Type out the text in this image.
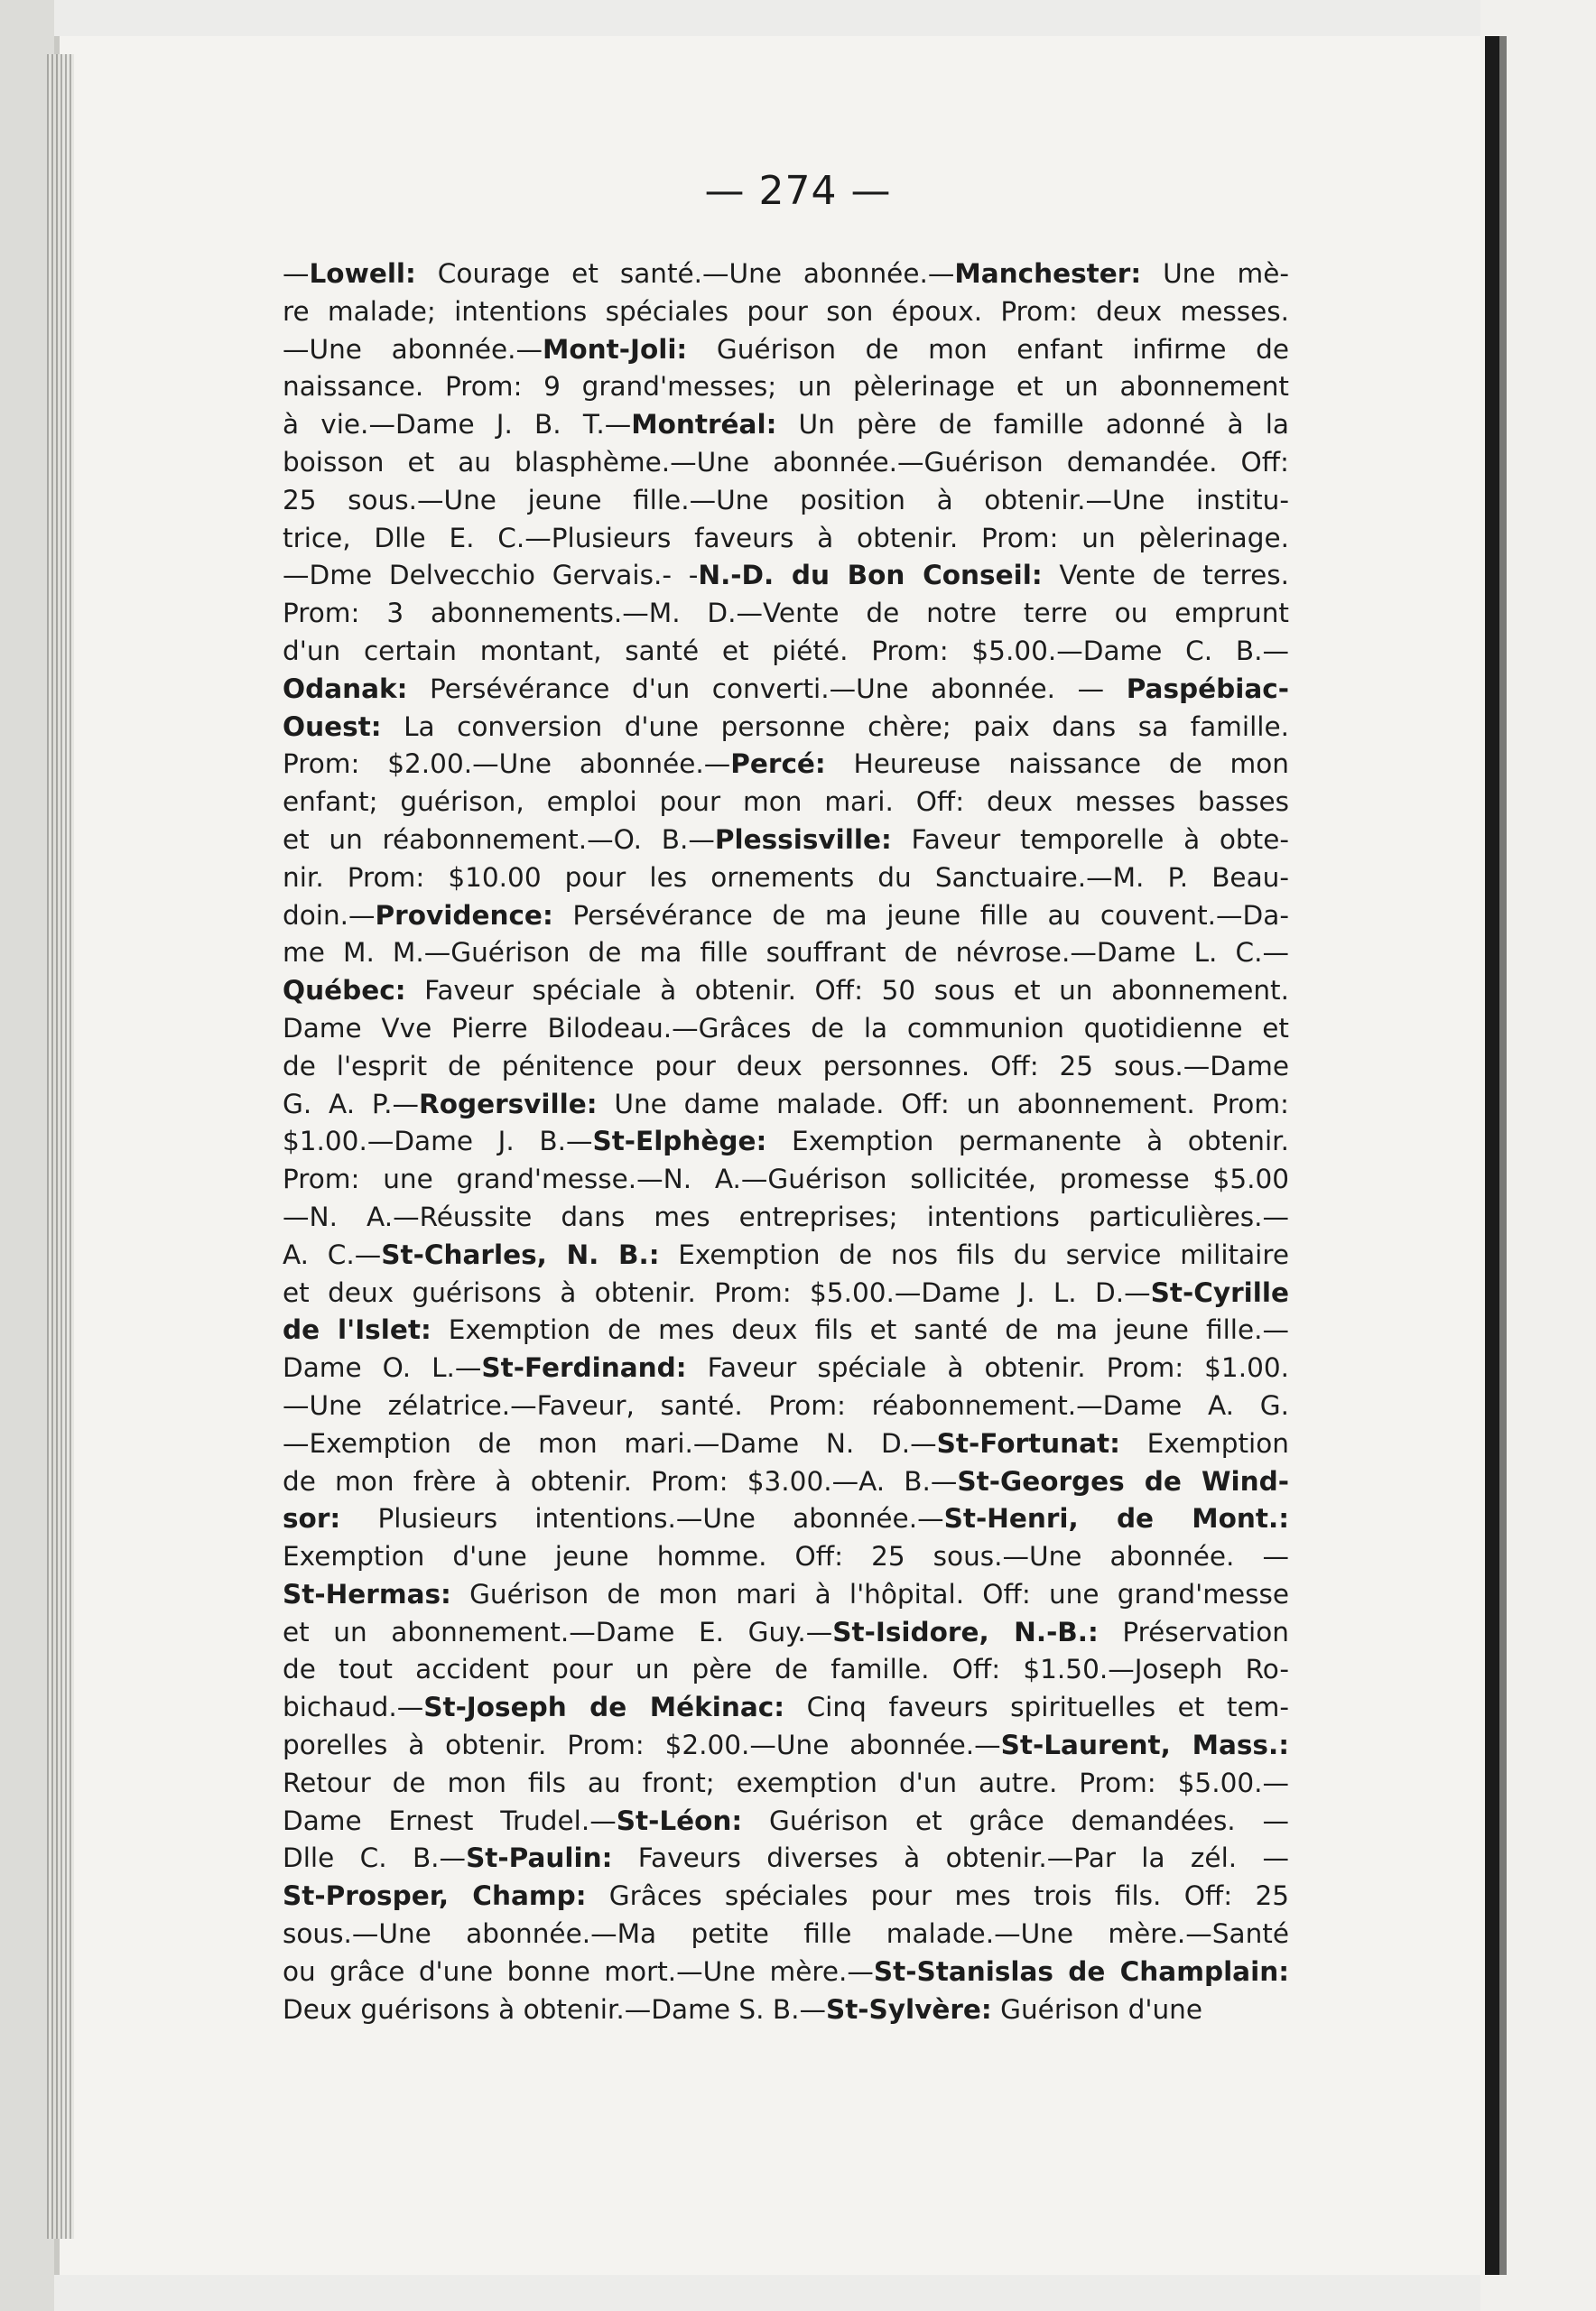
— 274 —
—Lowell: Courage et santé.—Une abonnée.—Manchester: Une mè-
re malade; intentions spéciales pour son époux. Prom: deux messes.
—Une abonnée.—Mont-Joli: Guérison de mon enfant infirme de
naissance. Prom: 9 grand'messes; un pèlerinage et un abonnement
à vie.—Dame J. B. T.—Montréal: Un père de famille adonné à la
boisson et au blasphème.—Une abonnée.—Guérison demandée. Off:
25 sous.—Une jeune fille.—Une position à obtenir.—Une institu-
trice, Dlle E. C.—Plusieurs faveurs à obtenir. Prom: un pèlerinage.
—Dme Delvecchio Gervais.- -N.-D. du Bon Conseil: Vente de terres.
Prom: 3 abonnements.—M. D.—Vente de notre terre ou emprunt
d'un certain montant, santé et piété. Prom: $5.00.—Dame C. B.—
Odanak: Persévérance d'un converti.—Une abonnée. — Paspébiac-
Ouest: La conversion d'une personne chère; paix dans sa famille.
Prom: $2.00.—Une abonnée.—Percé: Heureuse naissance de mon
enfant; guérison, emploi pour mon mari. Off: deux messes basses
et un réabonnement.—O. B.—Plessisville: Faveur temporelle à obte-
nir. Prom: $10.00 pour les ornements du Sanctuaire.—M. P. Beau-
doin.—Providence: Persévérance de ma jeune fille au couvent.—Da-
me M. M.—Guérison de ma fille souffrant de névrose.—Dame L. C.—
Québec: Faveur spéciale à obtenir. Off: 50 sous et un abonnement.
Dame Vve Pierre Bilodeau.—Grâces de la communion quotidienne et
de l'esprit de pénitence pour deux personnes. Off: 25 sous.—Dame
G. A. P.—Rogersville: Une dame malade. Off: un abonnement. Prom:
$1.00.—Dame J. B.—St-Elphège: Exemption permanente à obtenir.
Prom: une grand'messe.—N. A.—Guérison sollicitée, promesse $5.00
—N. A.—Réussite dans mes entreprises; intentions particulières.—
A. C.—St-Charles, N. B.: Exemption de nos fils du service militaire
et deux guérisons à obtenir. Prom: $5.00.—Dame J. L. D.—St-Cyrille
de l'Islet: Exemption de mes deux fils et santé de ma jeune fille.—
Dame O. L.—St-Ferdinand: Faveur spéciale à obtenir. Prom: $1.00.
—Une zélatrice.—Faveur, santé. Prom: réabonnement.—Dame A. G.
—Exemption de mon mari.—Dame N. D.—St-Fortunat: Exemption
de mon frère à obtenir. Prom: $3.00.—A. B.—St-Georges de Wind-
sor: Plusieurs intentions.—Une abonnée.—St-Henri, de Mont.:
Exemption d'une jeune homme. Off: 25 sous.—Une abonnée. —
St-Hermas: Guérison de mon mari à l'hôpital. Off: une grand'messe
et un abonnement.—Dame E. Guy.—St-Isidore, N.-B.: Préservation
de tout accident pour un père de famille. Off: $1.50.—Joseph Ro-
bichaud.—St-Joseph de Mékinac: Cinq faveurs spirituelles et tem-
porelles à obtenir. Prom: $2.00.—Une abonnée.—St-Laurent, Mass.:
Retour de mon fils au front; exemption d'un autre. Prom: $5.00.—
Dame Ernest Trudel.—St-Léon: Guérison et grâce demandées. —
Dlle C. B.—St-Paulin: Faveurs diverses à obtenir.—Par la zél. —
St-Prosper, Champ: Grâces spéciales pour mes trois fils. Off: 25
sous.—Une abonnée.—Ma petite fille malade.—Une mère.—Santé
ou grâce d'une bonne mort.—Une mère.—St-Stanislas de Champlain:
Deux guérisons à obtenir.—Dame S. B.—St-Sylvère: Guérison d'une
